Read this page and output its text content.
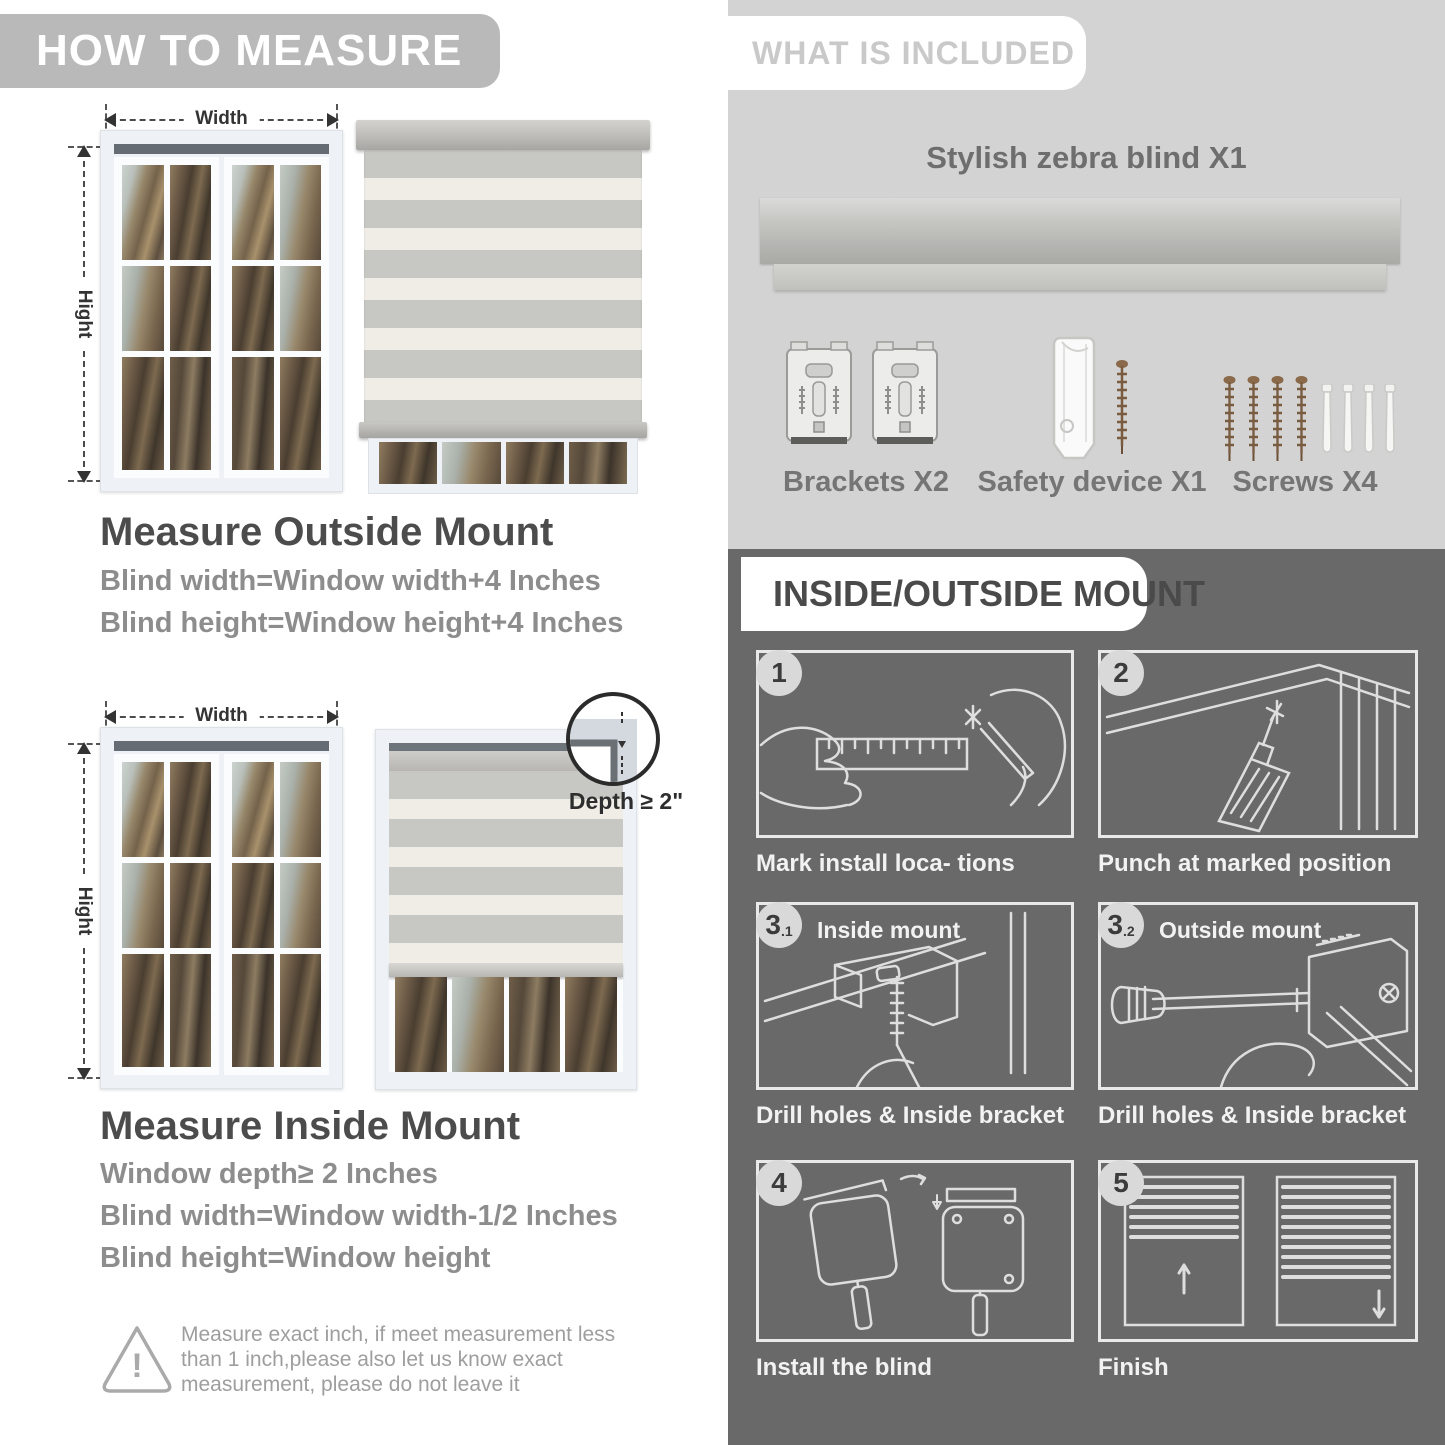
HOW TO MEASURE
Width
Hight
Measure Outside Mount
Blind width=Window width+4 Inches
Blind height=Window height+4 Inches
Width
Hight
Depth ≥ 2"
Measure Inside Mount
Window depth≥ 2 Inches
Blind width=Window width-1/2 Inches
Blind height=Window height
!
Measure exact inch, if meet measurement less
than 1 inch,please also let us know exact
measurement, please do not leave it
WHAT IS INCLUDED
Stylish zebra blind X1
Brackets X2 Safety device X1 Screws X4
INSIDE/OUTSIDE MOUNT
1
Mark install loca- tions
2
Punch at marked position
3 .1 Inside mount
Drill holes & Inside bracket
3 .2 Outside mount
Drill holes & Inside bracket
4
Install the blind
5
Finish
